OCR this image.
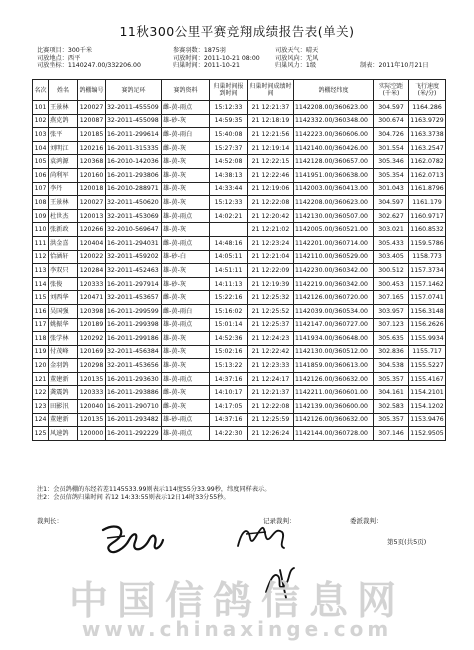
11秋300公里平赛竞翔成绩报告表(单关)
比赛项目：300千米	参赛羽数：1875羽	司放天气：晴天
司放地点：西平	司放时间：2011-10-21 08:00	司放风向：无风
司放坐标：1140247.00/332206.00	归巢时间：2011-10-21	归巢风力：1级	制表：2011年10月21日
名次	姓名	鸽棚编号	赛鸽足环	赛鸽资料	归巢时间报到时间	归巢时间成绩时间	鸽棚经纬度	实际空距(千米)	飞行速度(米/分)
101	王景林	120027	32-2011-455509	雌-黄-雨点	15:12:33	21 12:21:37	1142208.00/360623.00	304.597	1164.286
102	燕克鸽	120087	32-2011-455098	雄-砂-灰	14:59:35	21 12:18:19	1142332.00/360348.00	300.674	1163.9729
103	张平	120185	16-2011-299614	雌-黄-雨白	15:40:08	21 12:21:56	1142223.00/360606.00	304.726	1163.3738
104	刘明江	120216	16-2011-315335	雌-黄-灰	15:27:37	21 12:19:14	1142140.00/360426.00	301.554	1163.2547
105	袁鸿源	120368	16-2010-142036	雄-黄-灰	14:52:08	21 12:22:15	1142128.00/360657.00	305.346	1162.0782
106	尚利军	120160	16-2011-293806	雄-黄-灰	14:38:13	21 12:22:46	1141951.00/360638.00	305.354	1162.0713
107	李丹	120018	16-2010-288971	雄-黄-灰	14:33:44	21 12:19:06	1142003.00/360413.00	301.043	1161.8796
108	王景林	120027	32-2011-450620	雄-黄-灰	15:12:33	21 12:22:08	1142208.00/360623.00	304.597	1161.179
109	杜世杰	120013	32-2011-453069	雄-黄-雨点	14:02:21	21 12:20:42	1142130.00/360507.00	302.627	1160.9717
110	张新政	120266	32-2010-569647	雄-黄-灰		21 12:21:02	1142005.00/360521.00	303.021	1160.8532
111	洪金喜	120404	16-2011-294031	雌-黄-雨点	14:48:16	21 12:23:24	1142201.00/360714.00	305.433	1159.5786
112	恰涵轩	120022	32-2011-459202	雄-砂-白	14:05:11	21 12:21:04	1142110.00/360529.00	303.405	1158.773
113	李双只	120284	32-2011-452463	雄-黄-灰	14:51:11	21 12:22:09	1142230.00/360342.00	300.512	1157.3734
114	张俊	120333	16-2011-297914	雄-砂-灰	14:11:13	21 12:19:39	1142219.00/360342.00	300.453	1157.1462
115	刘西华	120471	32-2011-453657	雌-黄-灰	15:22:16	21 12:25:32	1142126.00/360720.00	307.165	1157.0741
116	吴国强	120398	16-2011-299599	雌-黄-雨白	15:16:02	21 12:25:52	1142039.00/360534.00	303.957	1156.3148
117	姚振华	120189	16-2011-299398	雄-黄-雨点	15:01:14	21 12:25:37	1142147.00/360727.00	307.123	1156.2626
118	张学林	120292	16-2011-299186	雄-黄-灰	14:52:36	21 12:24:23	1141934.00/360648.00	305.635	1155.9934
119	付茂峰	120169	32-2011-456384	雄-黄-灰	15:02:16	21 12:22:42	1142130.00/360512.00	302.836	1155.717
120	金羽鸽	120298	32-2011-453656	雄-黄-灰	15:13:22	21 12:23:33	1141859.00/360613.00	304.538	1155.5227
121	董建新	120135	16-2011-293630	雄-黄-雨点	14:37:16	21 12:24:17	1142126.00/360632.00	305.357	1155.4167
122	龚震鸽	120333	16-2011-293886	雌-黄-灰	14:10:17	21 12:21:37	1142211.00/360601.00	304.161	1154.2101
123	田影汛	120040	16-2011-290710	雌-黄-灰	14:17:05	21 12:22:08	1142139.00/360600.00	302.583	1154.1202
124	董建新	120135	16-2011-293482	雄-砂-雨点	14:37:16	21 12:25:59	1142126.00/360632.00	305.357	1153.9476
125	风速鸽	120000	16-2011-292229	雄-黄-雨点	14:22:30	21 12:26:24	1142144.00/360728.00	307.146	1152.9505
注1：会员鸽棚的东经若差1145533.99则表示114度55分33.99秒，纬度同样表示。
注2：会员信鸽归巢时间 若12 14:33:55则表示12日14时33分55秒。
裁判长：	记录裁判：	委派裁判：
第5页(共5页)
中国信鸽信息网
www.chinaxinge.com
